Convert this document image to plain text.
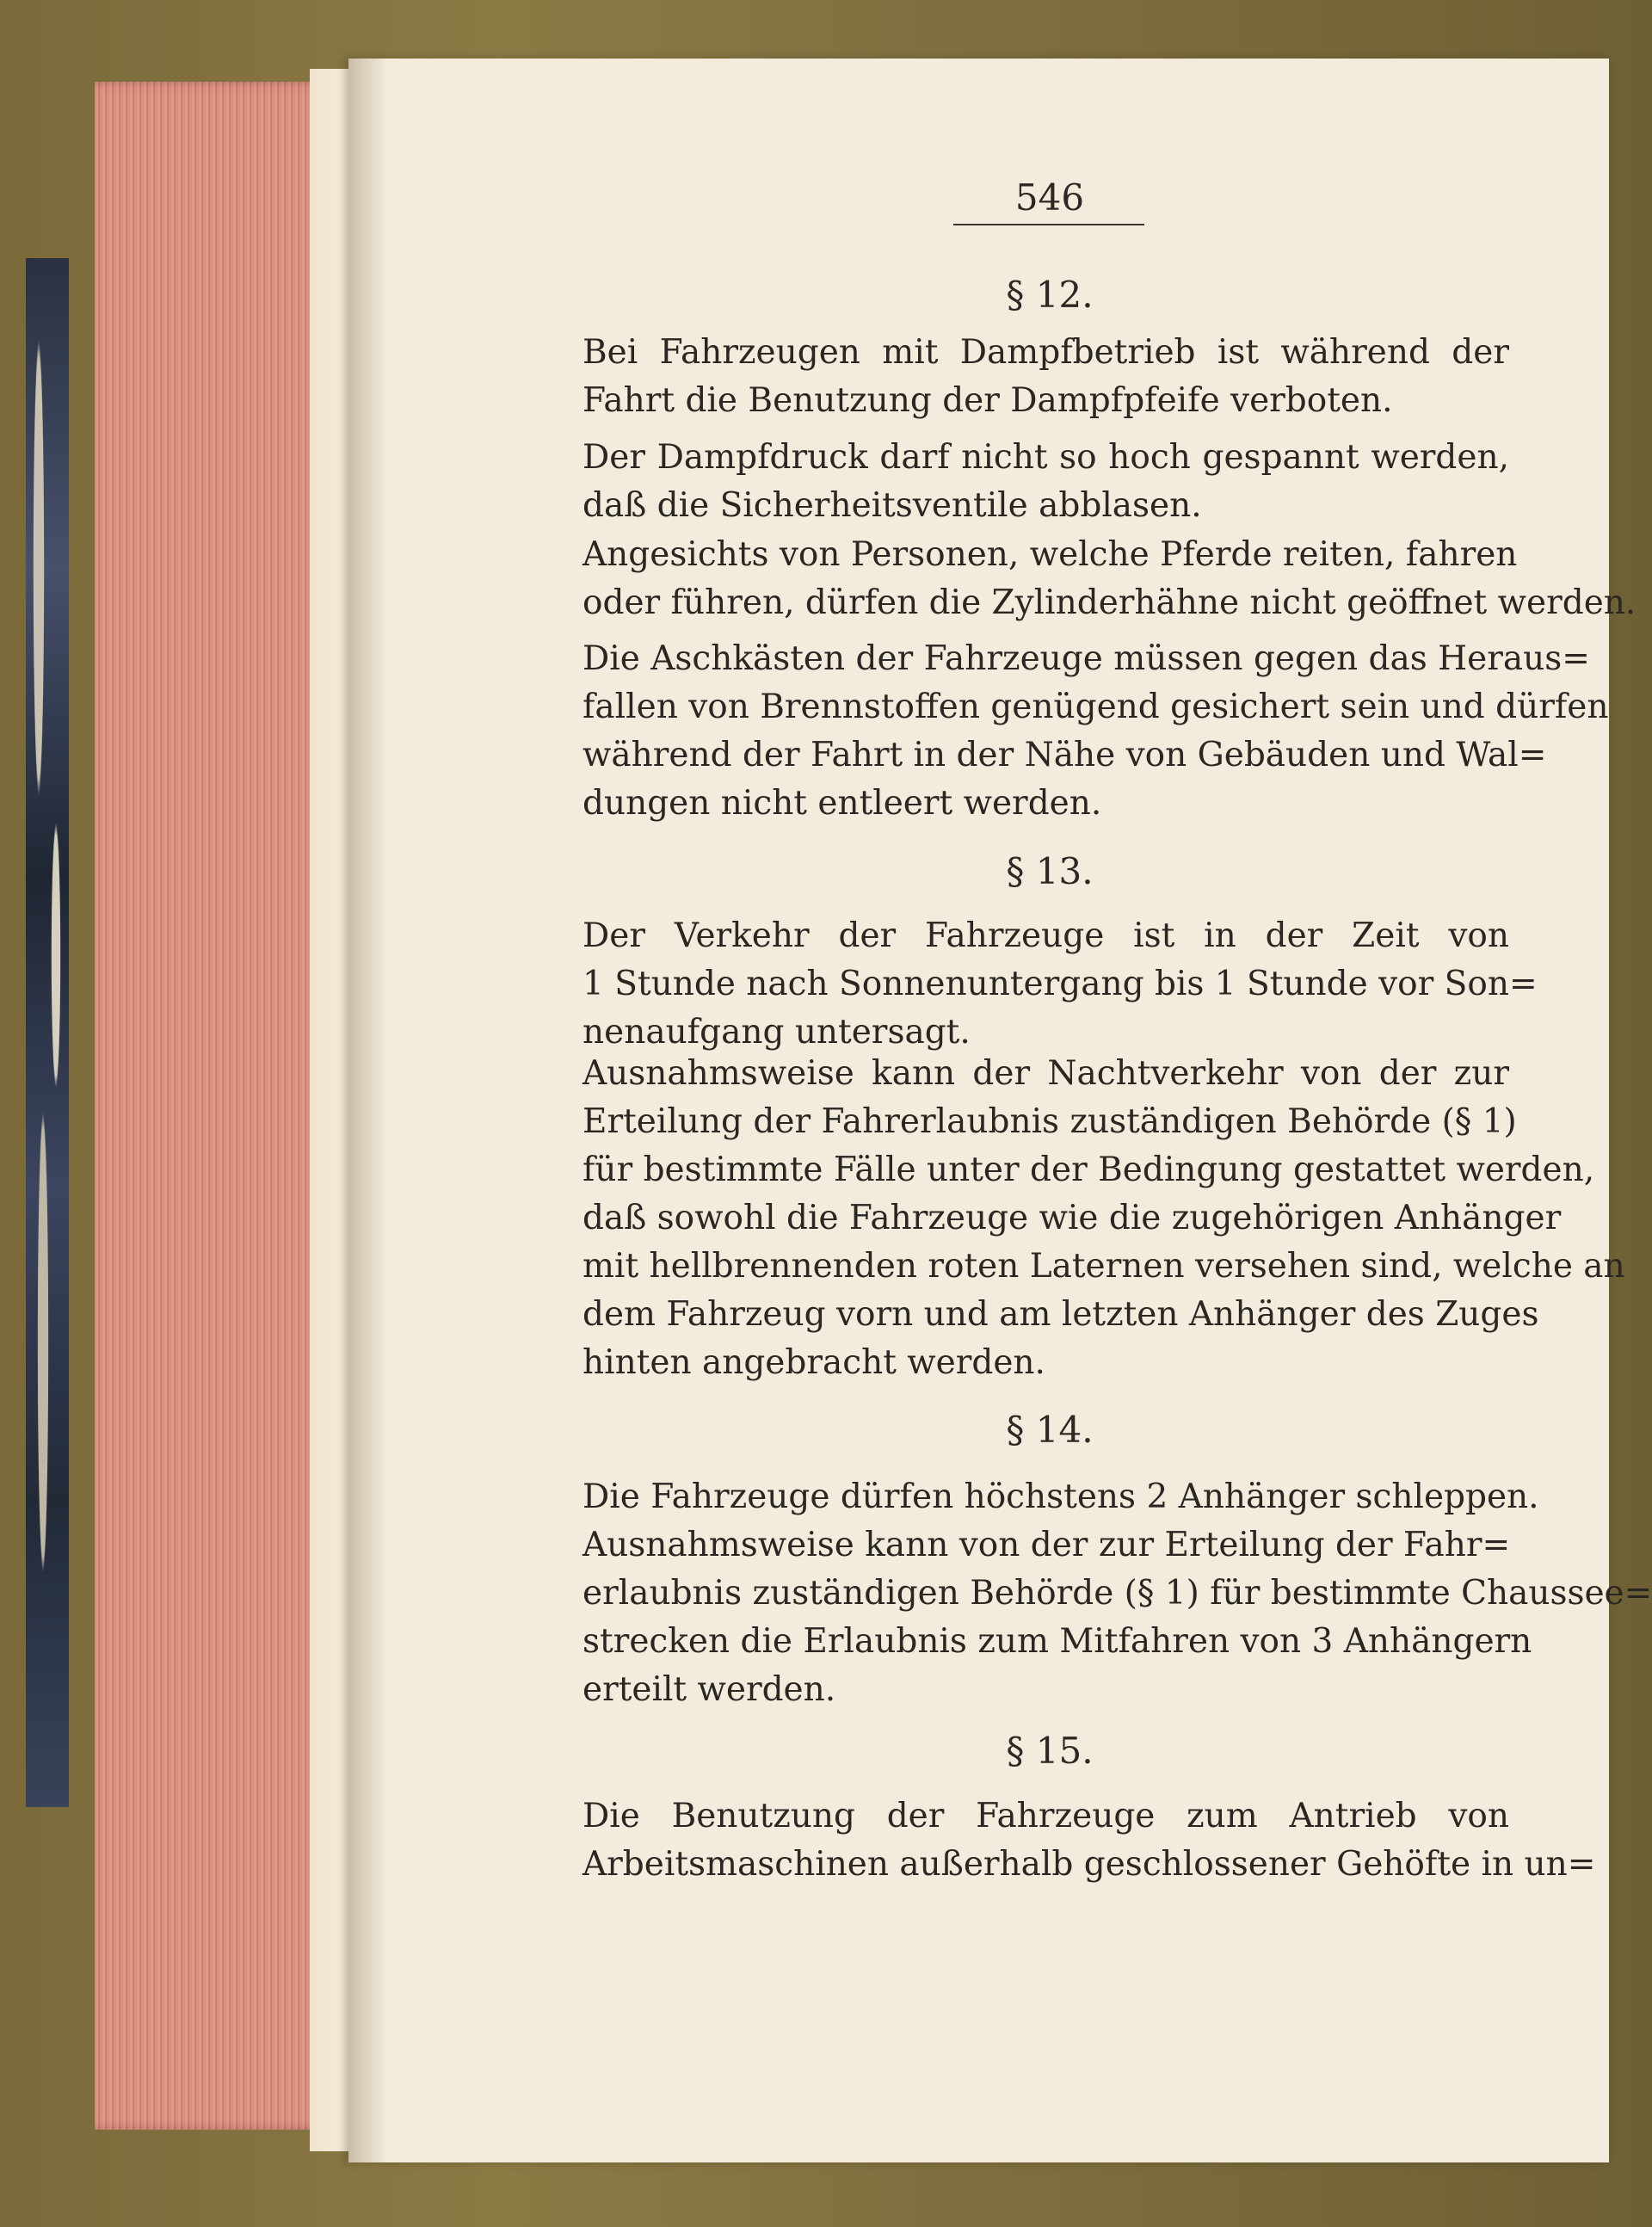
546
§ 12.
Bei Fahrzeugen mit Dampfbetrieb ist während der
Fahrt die Benutzung der Dampfpfeife verboten.
Der Dampfdruck darf nicht so hoch gespannt werden,
daß die Sicherheitsventile abblasen.
Angesichts von Personen, welche Pferde reiten, fahren
oder führen, dürfen die Zylinderhähne nicht geöffnet werden.
Die Aschkästen der Fahrzeuge müssen gegen das Heraus=
fallen von Brennstoffen genügend gesichert sein und dürfen
während der Fahrt in der Nähe von Gebäuden und Wal=
dungen nicht entleert werden.
§ 13.
Der Verkehr der Fahrzeuge ist in der Zeit von
1 Stunde nach Sonnenuntergang bis 1 Stunde vor Son=
nenaufgang untersagt.
Ausnahmsweise kann der Nachtverkehr von der zur
Erteilung der Fahrerlaubnis zuständigen Behörde (§ 1)
für bestimmte Fälle unter der Bedingung gestattet werden,
daß sowohl die Fahrzeuge wie die zugehörigen Anhänger
mit hellbrennenden roten Laternen versehen sind, welche an
dem Fahrzeug vorn und am letzten Anhänger des Zuges
hinten angebracht werden.
§ 14.
Die Fahrzeuge dürfen höchstens 2 Anhänger schleppen.
Ausnahmsweise kann von der zur Erteilung der Fahr=
erlaubnis zuständigen Behörde (§ 1) für bestimmte Chaussee=
strecken die Erlaubnis zum Mitfahren von 3 Anhängern
erteilt werden.
§ 15.
Die Benutzung der Fahrzeuge zum Antrieb von
Arbeitsmaschinen außerhalb geschlossener Gehöfte in un=
